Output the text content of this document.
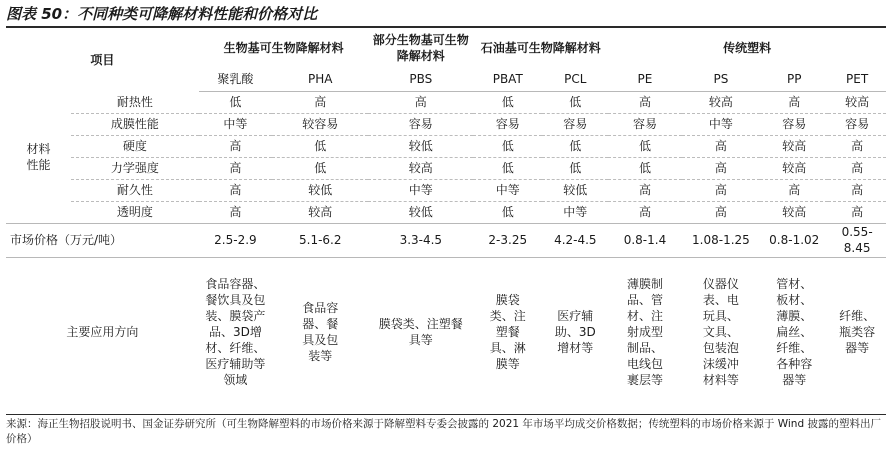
图表 50：不同种类可降解材料性能和价格对比
项目		生物基可生物降解材料		部分生物基可生物降解材料	石油基可生物降解材料		传统塑料			
		聚乳酸	PHA	PBS	PBAT	PCL	PE	PS	PP	PET

材料性能	耐热性	低	高	高	低	低	高	较高	高	较高
	成膜性能	中等	较容易	容易	容易	容易	容易	中等	容易	容易
	硬度	高	低	较低	低	低	低	高	较高	高
	力学强度	高	低	较高	低	低	低	高	较高	高
	耐久性	高	较低	中等	中等	较低	高	高	高	高
	透明度	高	较高	较低	低	中等	高	高	较高	高
市场价格（万元/吨）		2.5-2.9	5.1-6.2	3.3-4.5	2-3.25	4.2-4.5	0.8-1.4	1.08-1.25	0.8-1.02	0.55-8.45
主要应用方向		食品容器、餐饮具及包装、膜袋产品、3D增材、纤维、医疗辅助等领域	食品容器、餐具及包装等	膜袋类、注塑餐具等	膜袋类、注塑餐具、淋膜等	医疗辅助、3D增材等	薄膜制品、管材、注射成型制品、电线包裹层等	仪器仪表、电玩具、文具、包装泡沫缓冲材料等	管材、板材、薄膜、扁丝、纤维、各种容器等	纤维、瓶类容器等
来源：海正生物招股说明书、国金证券研究所（可生物降解塑料的市场价格来源于降解塑料专委会披露的 2021 年市场平均成交价格数据；传统塑料的市场价格来源于 Wind 披露的塑料出厂价格）
